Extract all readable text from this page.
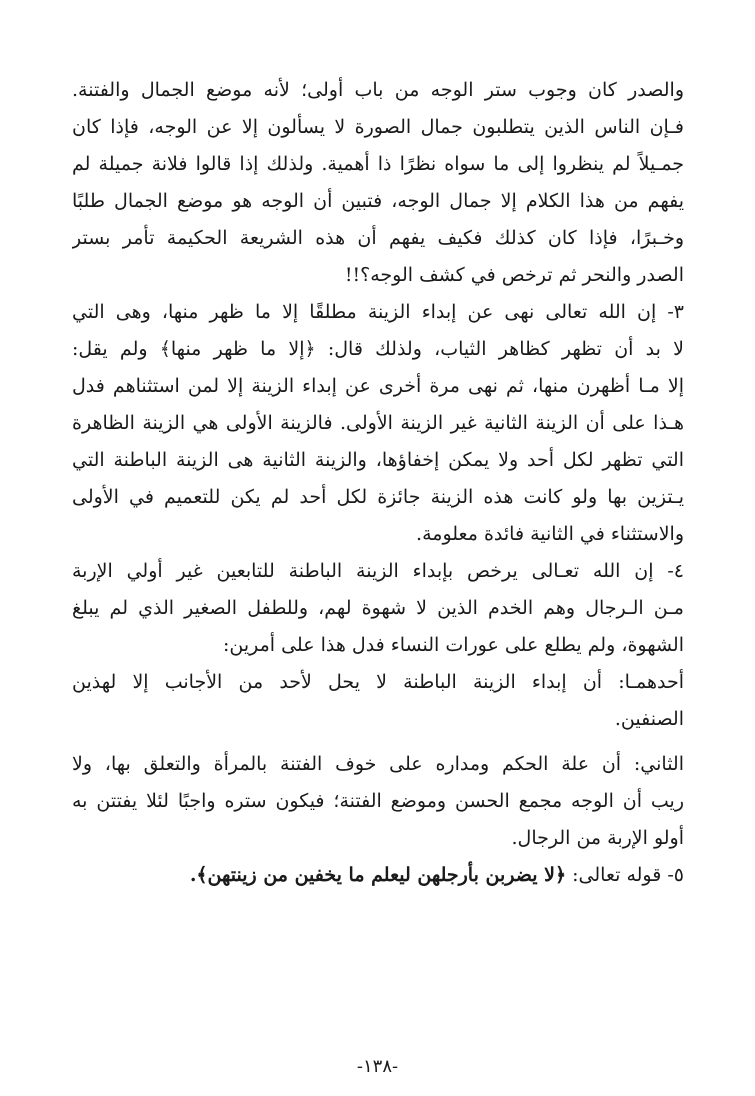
والصدر كان وجوب ستر الوجه من باب أولى؛ لأنه موضع الجمال والفتنة.
فـإن الناس الذين يتطلبون جمال الصورة لا يسألون إلا عن الوجه، فإذا كان
جمـيلاً لم ينظروا إلى ما سواه نظرًا ذا أهمية. ولذلك إذا قالوا فلانة جميلة لم
يفهم من هذا الكلام إلا جمال الوجه، فتبين أن الوجه هو موضع الجمال طلبًا
وخـبرًا، فإذا كان كذلك فكيف يفهم أن هذه الشريعة الحكيمة تأمر بستر
الصدر والنحر ثم ترخص في كشف الوجه؟!!
٣- إن الله تعالى نهى عن إبداء الزينة مطلقًا إلا ما ظهر منها، وهى التي
لا بد أن تظهر كظاهر الثياب، ولذلك قال: ﴿إلا ما ظهر منها﴾ ولم يقل:
إلا مـا أظهرن منها، ثم نهى مرة أخرى عن إبداء الزينة إلا لمن استثناهم فدل
هـذا على أن الزينة الثانية غير الزينة الأولى. فالزينة الأولى هي الزينة الظاهرة
التي تظهر لكل أحد ولا يمكن إخفاؤها، والزينة الثانية هى الزينة الباطنة التي
يـتزين بها ولو كانت هذه الزينة جائزة لكل أحد لم يكن للتعميم في الأولى
والاستثناء في الثانية فائدة معلومة.
٤- إن الله تعـالى يرخص بإبداء الزينة الباطنة للتابعين غير أولي الإربة
مـن الـرجال وهم الخدم الذين لا شهوة لهم، وللطفل الصغير الذي لم يبلغ
الشهوة، ولم يطلع على عورات النساء فدل هذا على أمرين:
أحدهمـا: أن إبداء الزينة الباطنة لا يحل لأحد من الأجانب إلا لهذين
الصنفين.
الثاني: أن علة الحكم ومداره على خوف الفتنة بالمرأة والتعلق بها، ولا
ريب أن الوجه مجمع الحسن وموضع الفتنة؛ فيكون ستره واجبًا لئلا يفتتن به
أولو الإربة من الرجال.
٥- قوله تعالى: ﴿لا يضربن بأرجلهن ليعلم ما يخفين من زينتهن﴾.
-١٣٨-
